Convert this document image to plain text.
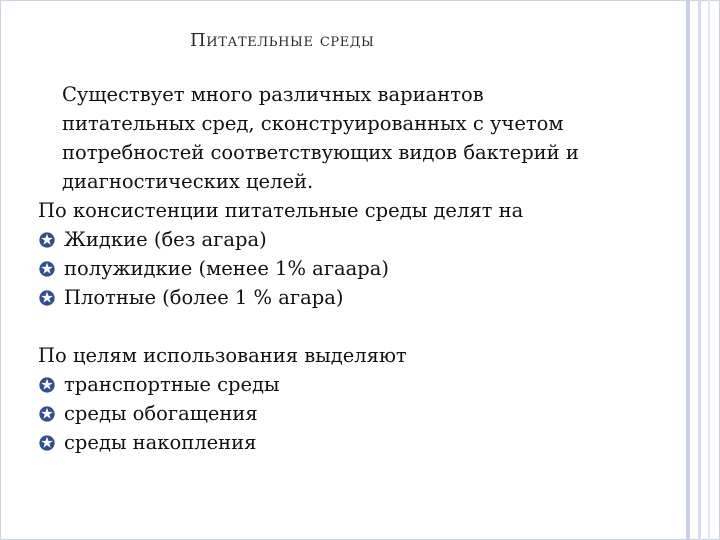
Питательные среды

Существует много различных вариантов

питательных сред, сконструированных с учетом

потребностей соответствующих видов бактерий и

диагностических целей.

По консистенции питательные среды делят на

Жидкие (без агара)
полужидкие (менее 1% агаара)
Плотные (более 1 % агара)

По целям использования выделяют

транспортные среды
среды обогащения
среды накопления
